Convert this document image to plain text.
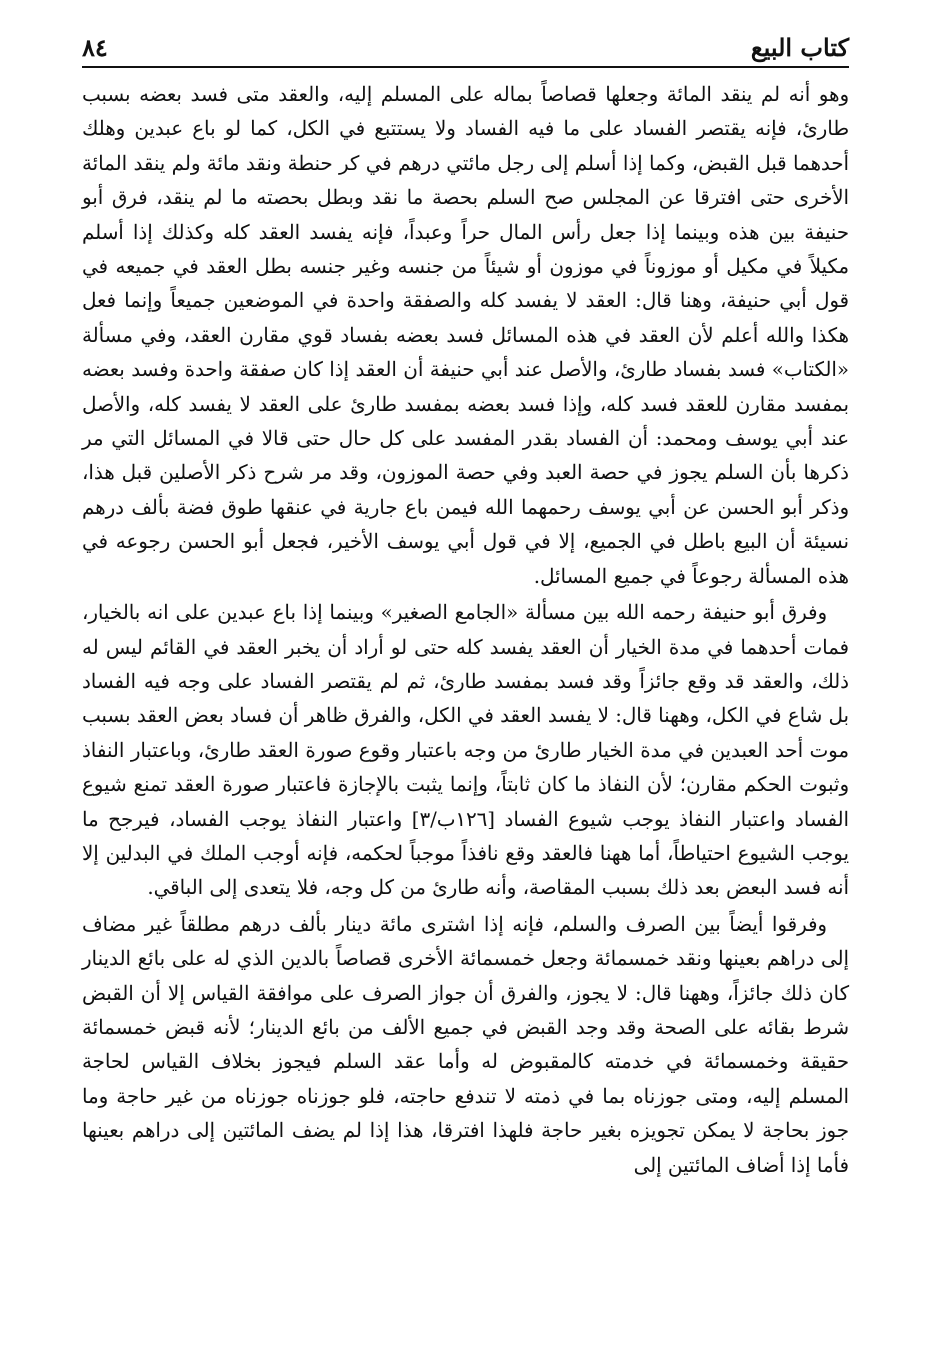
كتاب البيع
٨٤

وهو أنه لم ينقد المائة وجعلها قصاصاً بماله على المسلم إليه، والعقد متى فسد بعضه بسبب طارئ، فإنه يقتصر الفساد على ما فيه الفساد ولا يستتبع في الكل، كما لو باع عبدين وهلك أحدهما قبل القبض، وكما إذا أسلم إلى رجل مائتي درهم في كر حنطة ونقد مائة ولم ينقد المائة الأخرى حتى افترقا عن المجلس صح السلم بحصة ما نقد وبطل بحصته ما لم ينقد، فرق أبو حنيفة بين هذه وبينما إذا جعل رأس المال حراً وعبداً، فإنه يفسد العقد كله وكذلك إذا أسلم مكيلاً في مكيل أو موزوناً في موزون أو شيئاً من جنسه وغير جنسه بطل العقد في جميعه في قول أبي حنيفة، وهنا قال: العقد لا يفسد كله والصفقة واحدة في الموضعين جميعاً وإنما فعل هكذا والله أعلم لأن العقد في هذه المسائل فسد بعضه بفساد قوي مقارن العقد، وفي مسألة «الكتاب» فسد بفساد طارئ، والأصل عند أبي حنيفة أن العقد إذا كان صفقة واحدة وفسد بعضه بمفسد مقارن للعقد فسد كله، وإذا فسد بعضه بمفسد طارئ على العقد لا يفسد كله، والأصل عند أبي يوسف ومحمد: أن الفساد بقدر المفسد على كل حال حتى قالا في المسائل التي مر ذكرها بأن السلم يجوز في حصة العبد وفي حصة الموزون، وقد مر شرح ذكر الأصلين قبل هذا، وذكر أبو الحسن عن أبي يوسف رحمهما الله فيمن باع جارية في عنقها طوق فضة بألف درهم نسيئة أن البيع باطل في الجميع، إلا في قول أبي يوسف الأخير، فجعل أبو الحسن رجوعه في هذه المسألة رجوعاً في جميع المسائل.

وفرق أبو حنيفة رحمه الله بين مسألة «الجامع الصغير» وبينما إذا باع عبدين على انه بالخيار، فمات أحدهما في مدة الخيار أن العقد يفسد كله حتى لو أراد أن يخبر العقد في القائم ليس له ذلك، والعقد قد وقع جائزاً وقد فسد بمفسد طارئ، ثم لم يقتصر الفساد على وجه فيه الفساد بل شاع في الكل، وههنا قال: لا يفسد العقد في الكل، والفرق ظاهر أن فساد بعض العقد بسبب موت أحد العبدين في مدة الخيار طارئ من وجه باعتبار وقوع صورة العقد طارئ، وباعتبار النفاذ وثبوت الحكم مقارن؛ لأن النفاذ ما كان ثابتاً، وإنما يثبت بالإجازة فاعتبار صورة العقد تمنع شيوع الفساد واعتبار النفاذ يوجب شيوع الفساد [١٢٦ب/٣] واعتبار النفاذ يوجب الفساد، فيرجح ما يوجب الشيوع احتياطاً، أما ههنا فالعقد وقع نافذاً موجباً لحكمه، فإنه أوجب الملك في البدلين إلا أنه فسد البعض بعد ذلك بسبب المقاصة، وأنه طارئ من كل وجه، فلا يتعدى إلى الباقي.

وفرقوا أيضاً بين الصرف والسلم، فإنه إذا اشترى مائة دينار بألف درهم مطلقاً غير مضاف إلى دراهم بعينها ونقد خمسمائة وجعل خمسمائة الأخرى قصاصاً بالدين الذي له على بائع الدينار كان ذلك جائزاً، وههنا قال: لا يجوز، والفرق أن جواز الصرف على موافقة القياس إلا أن القبض شرط بقائه على الصحة وقد وجد القبض في جميع الألف من بائع الدينار؛ لأنه قبض خمسمائة حقيقة وخمسمائة في خدمته كالمقبوض له وأما عقد السلم فيجوز بخلاف القياس لحاجة المسلم إليه، ومتى جوزناه بما في ذمته لا تندفع حاجته، فلو جوزناه جوزناه من غير حاجة وما جوز بحاجة لا يمكن تجويزه بغير حاجة فلهذا افترقا، هذا إذا لم يضف المائتين إلى دراهم بعينها فأما إذا أضاف المائتين إلى
